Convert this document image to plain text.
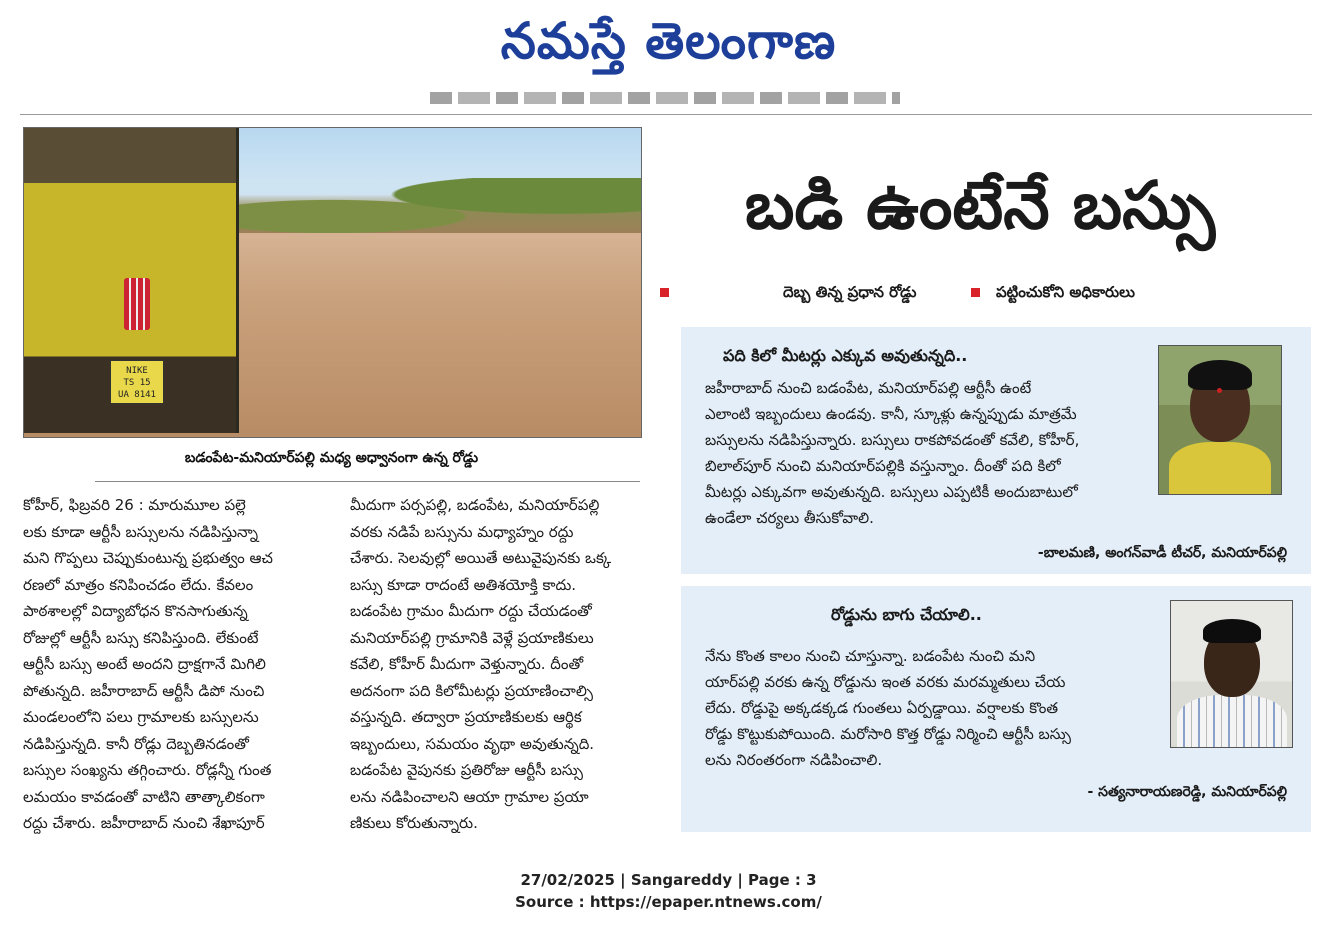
నమస్తే తెలంగాణ
NIKE
TS 15
UA 8141
బడంపేట-మనియార్‌పల్లి మధ్య అధ్వానంగా ఉన్న రోడ్డు
బడి ఉంటేనే బస్సు
దెబ్బ తిన్న ప్రధాన రోడ్డు	పట్టించుకోని అధికారులు
కోహీర్, ఫిబ్రవరి 26 : మారుమూల పల్లె
లకు కూడా ఆర్టీసీ బస్సులను నడిపిస్తున్నా
మని గొప్పలు చెప్పుకుంటున్న ప్రభుత్వం ఆచ
రణలో మాత్రం కనిపించడం లేదు. కేవలం
పాఠశాలల్లో విద్యాబోధన కొనసాగుతున్న
రోజుల్లో ఆర్టీసీ బస్సు కనిపిస్తుంది. లేకుంటే
ఆర్టీసీ బస్సు అంటే అందని ద్రాక్షగానే మిగిలి
పోతున్నది. జహీరాబాద్ ఆర్టీసీ డిపో నుంచి
మండలంలోని పలు గ్రామాలకు బస్సులను
నడిపిస్తున్నది. కానీ రోడ్లు దెబ్బతినడంతో
బస్సుల సంఖ్యను తగ్గించారు. రోడ్లన్నీ గుంత
లమయం కావడంతో వాటిని తాత్కాలికంగా
రద్దు చేశారు. జహీరాబాద్ నుంచి శేఖాపూర్
మీదుగా పర్సపల్లి, బడంపేట, మనియార్‌పల్లి
వరకు నడిపే బస్సును మధ్యాహ్నం రద్దు
చేశారు. సెలవుల్లో అయితే అటువైపునకు ఒక్క
బస్సు కూడా రాదంటే అతిశయోక్తి కాదు.
బడంపేట గ్రామం మీదుగా రద్దు చేయడంతో
మనియార్‌పల్లి గ్రామానికి వెళ్లే ప్రయాణికులు
కవేలి, కోహీర్ మీదుగా వెళ్తున్నారు. దీంతో
అదనంగా పది కిలోమీటర్లు ప్రయాణించాల్సి
వస్తున్నది. తద్వారా ప్రయాణికులకు ఆర్థిక
ఇబ్బందులు, సమయం వృథా అవుతున్నది.
బడంపేట వైపునకు ప్రతిరోజు ఆర్టీసీ బస్సు
లను నడిపించాలని ఆయా గ్రామాల ప్రయా
ణికులు కోరుతున్నారు.
పది కిలో మీటర్లు ఎక్కువ అవుతున్నది..
జహీరాబాద్ నుంచి బడంపేట, మనియార్‌పల్లి ఆర్టీసీ ఉంటే
ఎలాంటి ఇబ్బందులు ఉండవు. కానీ, స్కూళ్లు ఉన్నప్పుడు మాత్రమే
బస్సులను నడిపిస్తున్నారు. బస్సులు రాకపోవడంతో కవేలి, కోహీర్,
బిలాల్‌పూర్ నుంచి మనియార్‌పల్లికి వస్తున్నాం. దీంతో పది కిలో
మీటర్లు ఎక్కువగా అవుతున్నది. బస్సులు ఎప్పటికీ అందుబాటులో
ఉండేలా చర్యలు తీసుకోవాలి.
-బాలమణి, అంగన్‌వాడీ టీచర్, మనియార్‌పల్లి
రోడ్డును బాగు చేయాలి..
నేను కొంత కాలం నుంచి చూస్తున్నా. బడంపేట నుంచి మని
యార్‌పల్లి వరకు ఉన్న రోడ్డును ఇంత వరకు మరమ్మతులు చేయ
లేదు. రోడ్డుపై అక్కడక్కడ గుంతలు ఏర్పడ్డాయి. వర్షాలకు కొంత
రోడ్డు కొట్టుకుపోయింది. మరోసారి కొత్త రోడ్డు నిర్మించి ఆర్టీసీ బస్సు
లను నిరంతరంగా నడిపించాలి.
- సత్యనారాయణరెడ్డి, మనియార్‌పల్లి
27/02/2025 | Sangareddy | Page : 3
Source : https://epaper.ntnews.com/
